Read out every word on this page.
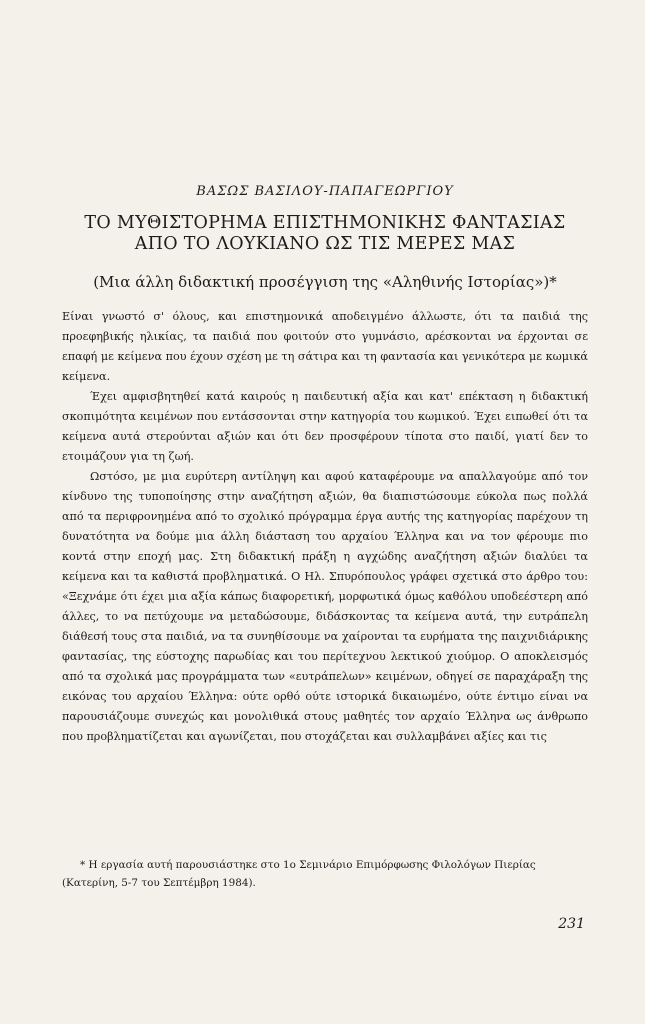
ΒΑΣΩΣ ΒΑΣΙΛΟΥ-ΠΑΠΑΓΕΩΡΓΙΟΥ
ΤΟ ΜΥΘΙΣΤΟΡΗΜΑ ΕΠΙΣΤΗΜΟΝΙΚΗΣ ΦΑΝΤΑΣΙΑΣ
ΑΠΟ ΤΟ ΛΟΥΚΙΑΝΟ ΩΣ ΤΙΣ ΜΕΡΕΣ ΜΑΣ
(Μια άλλη διδακτική προσέγγιση της «Αληθινής Ιστορίας»)*

Είναι γνωστό σ' όλους, και επιστημονικά αποδειγμένο άλλωστε, ότι τα παιδιά της προεφηβικής ηλικίας, τα παιδιά που φοιτούν στο γυμνάσιο, αρέσκονται να έρχονται σε επαφή με κείμενα που έχουν σχέση με τη σάτιρα και τη φαντασία και γενικότερα με κωμικά κείμενα.

Έχει αμφισβητηθεί κατά καιρούς η παιδευτική αξία και κατ' επέκταση η διδακτική σκοπιμότητα κειμένων που εντάσσονται στην κατηγορία του κωμικού. Έχει ειπωθεί ότι τα κείμενα αυτά στερούνται αξιών και ότι δεν προσφέρουν τίποτα στο παιδί, γιατί δεν το ετοιμάζουν για τη ζωή.

Ωστόσο, με μια ευρύτερη αντίληψη και αφού καταφέρουμε να απαλλαγούμε από τον κίνδυνο της τυποποίησης στην αναζήτηση αξιών, θα διαπιστώσουμε εύκολα πως πολλά από τα περιφρονημένα από το σχολικό πρόγραμμα έργα αυτής της κατηγορίας παρέχουν τη δυνατότητα να δούμε μια άλλη διάσταση του αρχαίου Έλληνα και να τον φέρουμε πιο κοντά στην εποχή μας. Στη διδακτική πράξη η αγχώδης αναζήτηση αξιών διαλύει τα κείμενα και τα καθιστά προβληματικά. Ο Ηλ. Σπυρόπουλος γράφει σχετικά στο άρθρο του: «Ξεχνάμε ότι έχει μια αξία κάπως διαφορετική, μορφωτικά όμως καθόλου υποδεέστερη από άλλες, το να πετύχουμε να μεταδώσουμε, διδάσκοντας τα κείμενα αυτά, την ευτράπελη διάθεσή τους στα παιδιά, να τα συνηθίσουμε να χαίρονται τα ευρήματα της παιχνιδιάρικης φαντασίας, της εύστοχης παρωδίας και του περίτεχνου λεκτικού χιούμορ. Ο αποκλεισμός από τα σχολικά μας προγράμματα των «ευτράπελων» κειμένων, οδηγεί σε παραχάραξη της εικόνας του αρχαίου Έλληνα: ούτε ορθό ούτε ιστορικά δικαιωμένο, ούτε έντιμο είναι να παρουσιάζουμε συνεχώς και μονολιθικά στους μαθητές τον αρχαίο Έλληνα ως άνθρωπο που προβληματίζεται και αγωνίζεται, που στοχάζεται και συλλαμβάνει αξίες και τις

* Η εργασία αυτή παρουσιάστηκε στο 1ο Σεμινάριο Επιμόρφωσης Φιλολόγων Πιερίας
(Κατερίνη, 5-7 του Σεπτέμβρη 1984).
231
